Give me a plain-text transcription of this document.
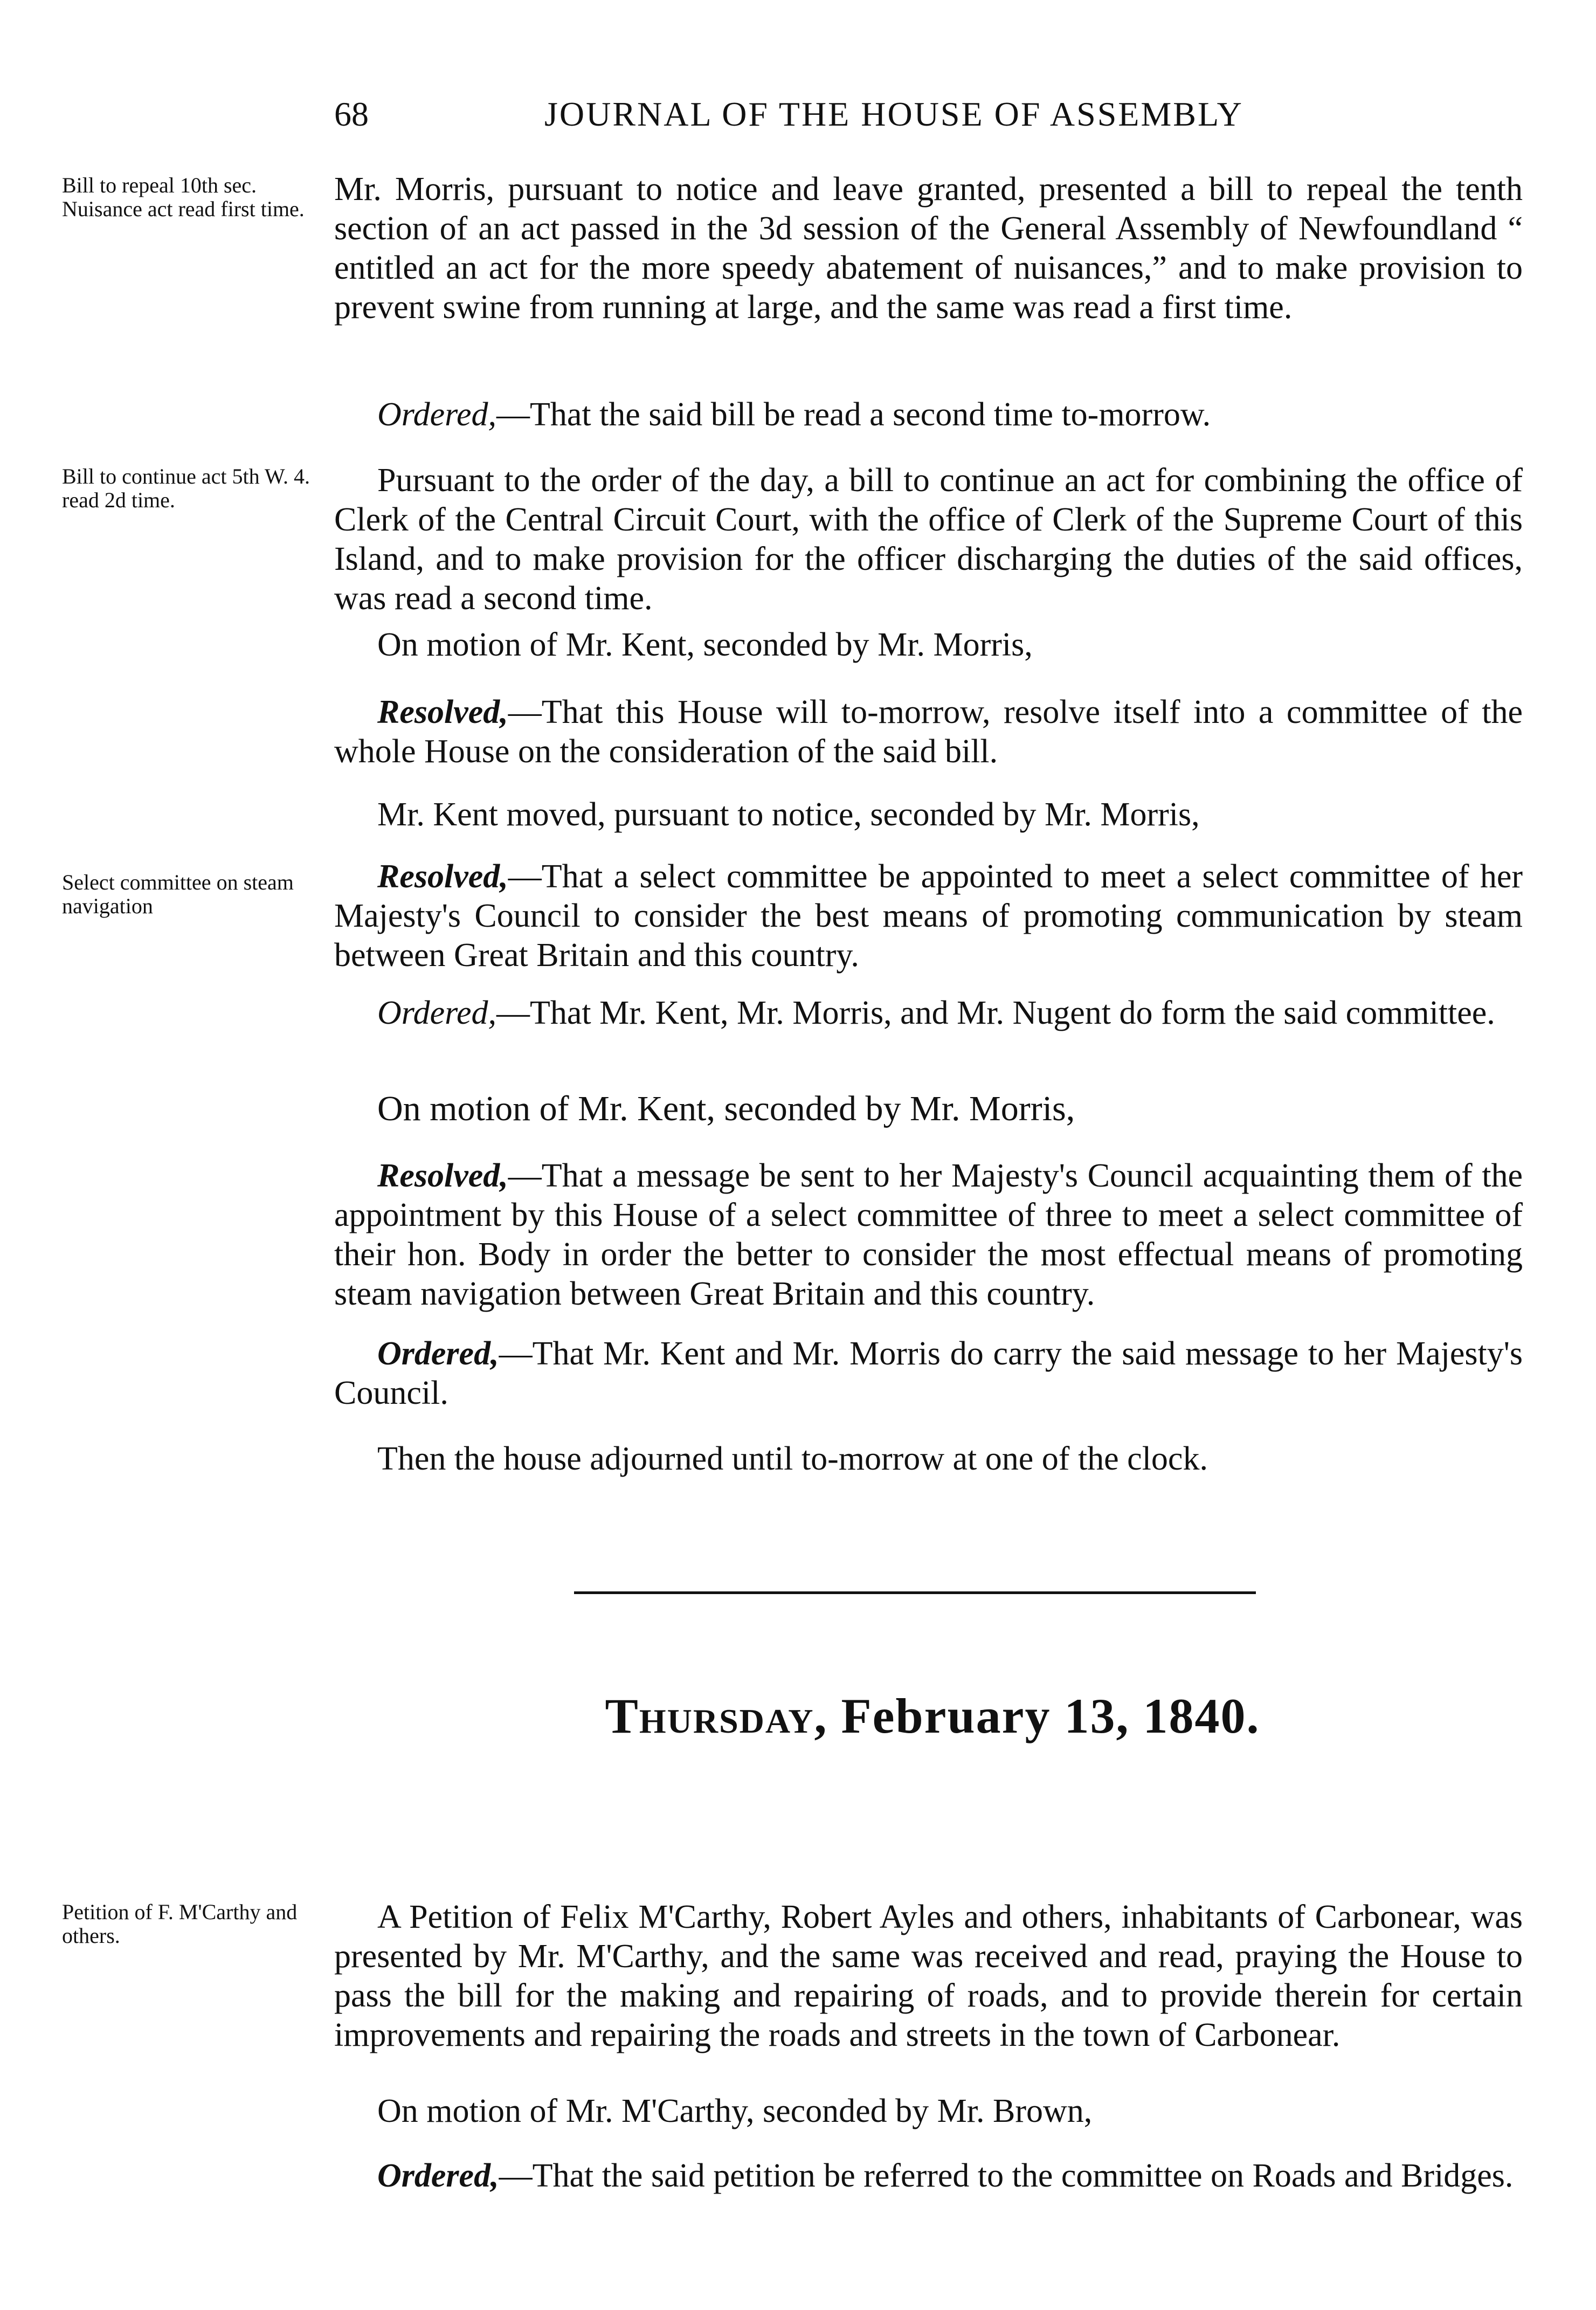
68	JOURNAL OF THE HOUSE OF ASSEMBLY
Bill to repeal 10th sec. Nuisance act read first time.
Bill to continue act 5th W. 4. read 2d time.
Select committee on steam navigation
Petition of F. M'Carthy and others.

Mr. Morris, pursuant to notice and leave granted, presented a bill to repeal the tenth section of an act passed in the 3d session of the General Assembly of Newfoundland “ entitled an act for the more speedy abatement of nuisances,” and to make provision to prevent swine from running at large, and the same was read a first time.

Ordered,—That the said bill be read a second time to-morrow.

Pursuant to the order of the day, a bill to continue an act for combining the office of Clerk of the Central Circuit Court, with the office of Clerk of the Supreme Court of this Island, and to make provision for the officer discharging the duties of the said offices, was read a second time.

On motion of Mr. Kent, seconded by Mr. Morris,

Resolved,—That this House will to-morrow, resolve itself into a committee of the whole House on the consideration of the said bill.

Mr. Kent moved, pursuant to notice, seconded by Mr. Morris,

Resolved,—That a select committee be appointed to meet a select committee of her Majesty's Council to consider the best means of promoting communication by steam between Great Britain and this country.

Ordered,—That Mr. Kent, Mr. Morris, and Mr. Nugent do form the said committee.

On motion of Mr. Kent, seconded by Mr. Morris,

Resolved,—That a message be sent to her Majesty's Council acquainting them of the appointment by this House of a select committee of three to meet a select committee of their hon. Body in order the better to consider the most effectual means of promoting steam navigation between Great Britain and this country.

Ordered,—That Mr. Kent and Mr. Morris do carry the said message to her Majesty's Council.

Then the house adjourned until to-morrow at one of the clock.

Thursday, February 13, 1840.

A Petition of Felix M'Carthy, Robert Ayles and others, inhabitants of Carbonear, was presented by Mr. M'Carthy, and the same was received and read, praying the House to pass the bill for the making and repairing of roads, and to provide therein for certain improvements and repairing the roads and streets in the town of Carbonear.

On motion of Mr. M'Carthy, seconded by Mr. Brown,

Ordered,—That the said petition be referred to the committee on Roads and Bridges.
